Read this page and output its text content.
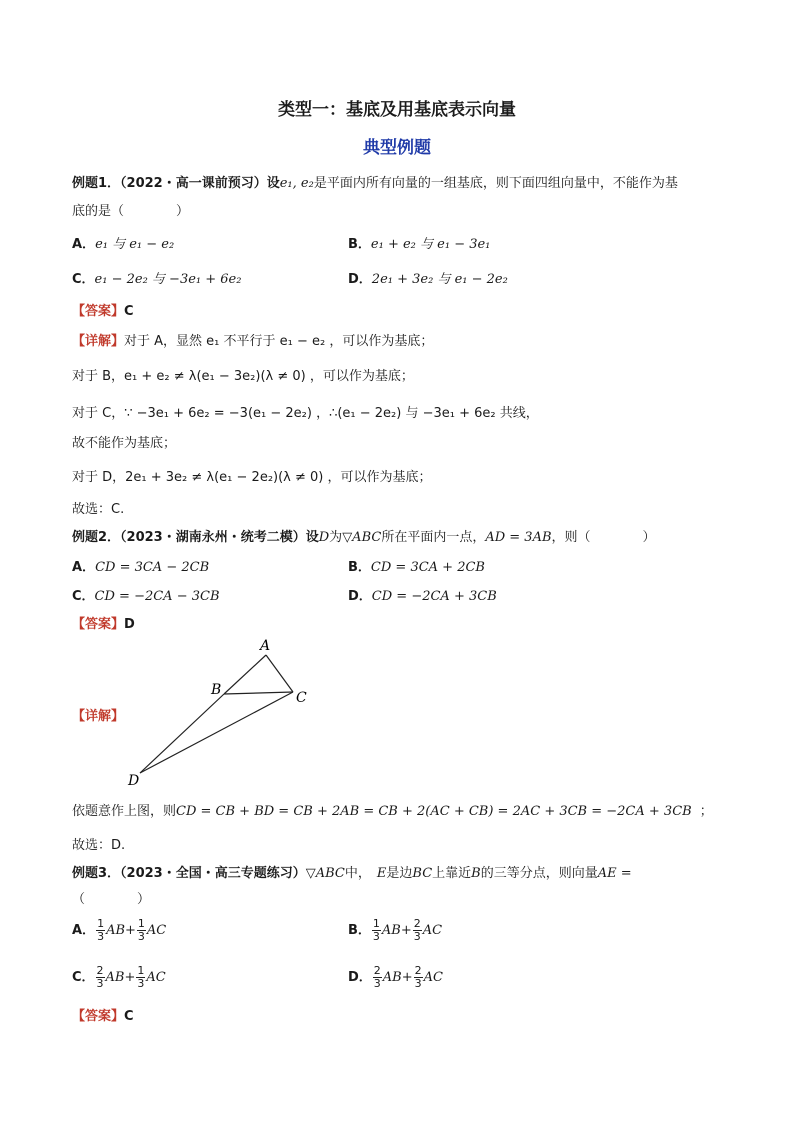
类型一：基底及用基底表示向量
典型例题
例题1．（2022・高一课前预习）设e₁, e₂是平面内所有向量的一组基底，则下面四组向量中，不能作为基
底的是（　　　　）
A．e₁ 与 e₁ − e₂	B．e₁ + e₂ 与 e₁ − 3e₁
C．e₁ − 2e₂ 与 −3e₁ + 6e₂	D．2e₁ + 3e₂ 与 e₁ − 2e₂
【答案】C
【详解】对于 A，显然 e₁ 不平行于 e₁ − e₂ ，可以作为基底；
对于 B，e₁ + e₂ ≠ λ(e₁ − 3e₂)(λ ≠ 0) ，可以作为基底；
对于 C，∵ −3e₁ + 6e₂ = −3(e₁ − 2e₂) ，∴(e₁ − 2e₂) 与 −3e₁ + 6e₂ 共线，
故不能作为基底；
对于 D，2e₁ + 3e₂ ≠ λ(e₁ − 2e₂)(λ ≠ 0) ，可以作为基底；
故选：C.
例题2．（2023・湖南永州・统考二模）设D为▽ABC所在平面内一点，AD = 3AB，则（　　　　）
A．CD = 3CA − 2CB	B．CD = 3CA + 2CB
C．CD = −2CA − 3CB	D．CD = −2CA + 3CB
【答案】D
A
B	C
D
【详解】
依题意作上图，则CD = CB + BD = CB + 2AB = CB + 2(AC + CB) = 2AC + 3CB = −2CA + 3CB ；
故选：D.
例题3．（2023・全国・高三专题练习）▽ABC中， E是边BC上靠近B的三等分点，则向量AE =
（　　　　）
A． $\frac{1}{3} AB+ \frac{1}{3}$ AC	B． $\frac{1}{3} AB+ \frac{2}{3}$ AC
C． $\frac{2}{3} AB+ \frac{1}{3}$ AC	D． $\frac{2}{3} AB+ \frac{2}{3}$ AC
【答案】C
